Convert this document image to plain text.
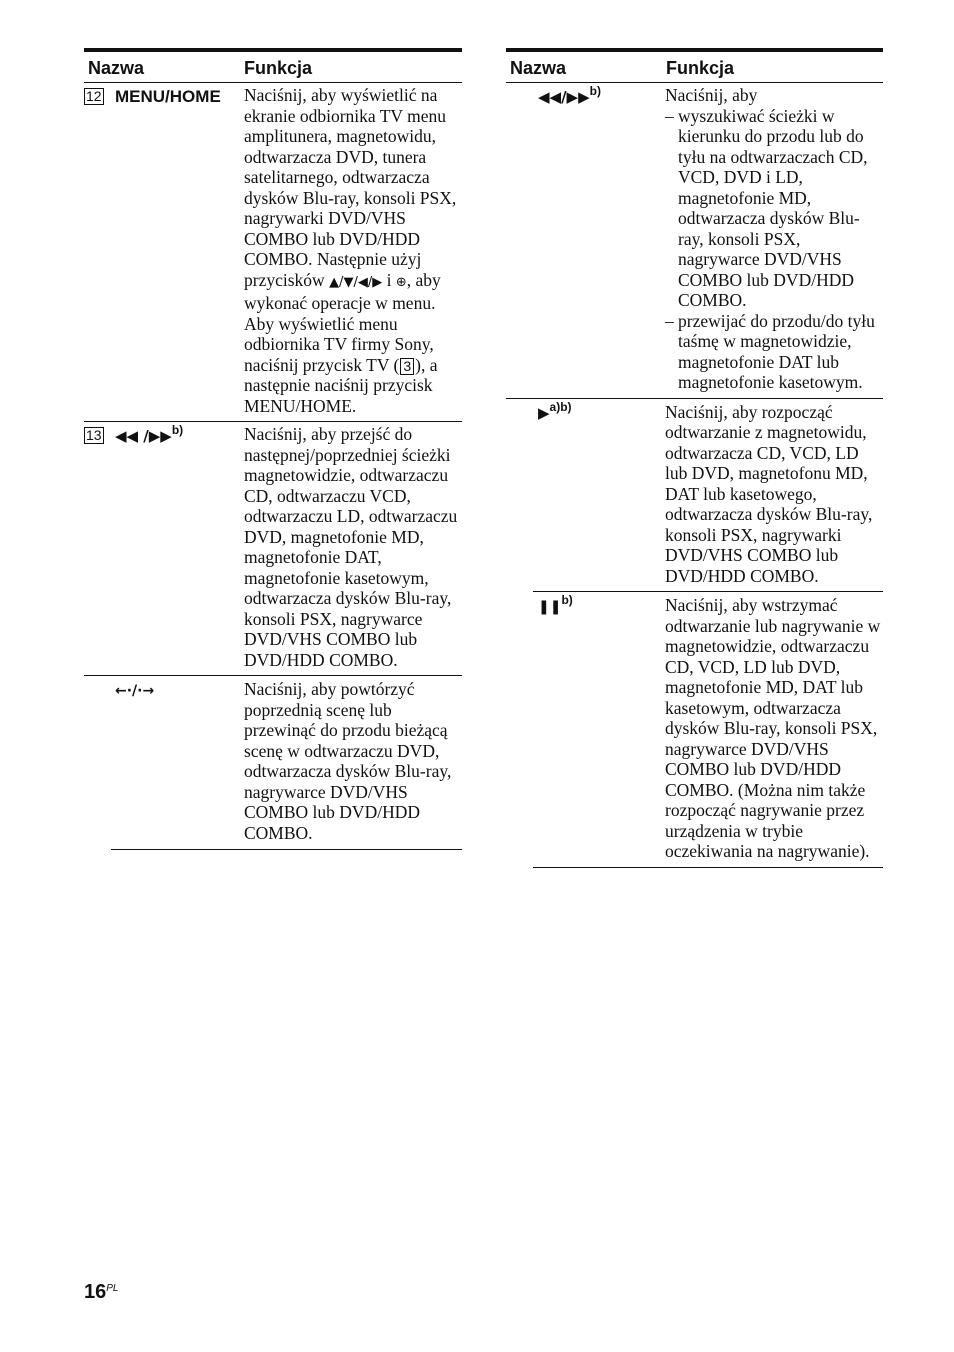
Nazwa	Funkcja
12 MENU/HOME Naciśnij, aby wyświetlić na ekranie odbiornika TV menu amplitunera, magnetowidu, odtwarzacza DVD, tunera satelitarnego, odtwarzacza dysków Blu-ray, konsoli PSX, nagrywarki DVD/VHS COMBO lub DVD/HDD COMBO. Następnie użyj przycisków ▲/▼/◀/▶ i ⊕, aby wykonać operacje w menu.
Aby wyświetlić menu odbiornika TV firmy Sony, naciśnij przycisk TV ( 3 ), a następnie naciśnij przycisk MENU/HOME.
13 ◀◀ /▶▶$^{b)}$	Naciśnij, aby przejść do następnej/poprzedniej ścieżki magnetowidzie, odtwarzaczu CD, odtwarzaczu VCD, odtwarzaczu LD, odtwarzaczu DVD, magnetofonie MD, magnetofonie DAT, magnetofonie kasetowym, odtwarzacza dysków Blu-ray, konsoli PSX, nagrywarce DVD/VHS COMBO lub DVD/HDD COMBO.
←·/·→	Naciśnij, aby powtórzyć poprzednią scenę lub przewinąć do przodu bieżącą scenę w odtwarzaczu DVD, odtwarzacza dysków Blu-ray, nagrywarce DVD/VHS COMBO lub DVD/HDD COMBO.
Nazwa	Funkcja
◀◀/▶▶$^{b)}$	Naciśnij, aby
– wyszukiwać ścieżki w kierunku do przodu lub do tyłu na odtwarzaczach CD, VCD, DVD i LD, magnetofonie MD, odtwarzacza dysków Blu-ray, konsoli PSX, nagrywarce DVD/VHS COMBO lub DVD/HDD COMBO.
– przewijać do przodu/do tyłu taśmę w magnetowidzie, magnetofonie DAT lub magnetofonie kasetowym.
▶$^{a)b)}$	Naciśnij, aby rozpocząć odtwarzanie z magnetowidu, odtwarzacza CD, VCD, LD lub DVD, magnetofonu MD, DAT lub kasetowego, odtwarzacza dysków Blu-ray, konsoli PSX, nagrywarki DVD/VHS COMBO lub DVD/HDD COMBO.
❚❚$^{b)}$	Naciśnij, aby wstrzymać odtwarzanie lub nagrywanie w magnetowidzie, odtwarzaczu CD, VCD, LD lub DVD, magnetofonie MD, DAT lub kasetowym, odtwarzacza dysków Blu-ray, konsoli PSX, nagrywarce DVD/VHS COMBO lub DVD/HDD COMBO. (Można nim także rozpocząć nagrywanie przez urządzenia w trybie oczekiwania na nagrywanie).
$16^{PL}$
